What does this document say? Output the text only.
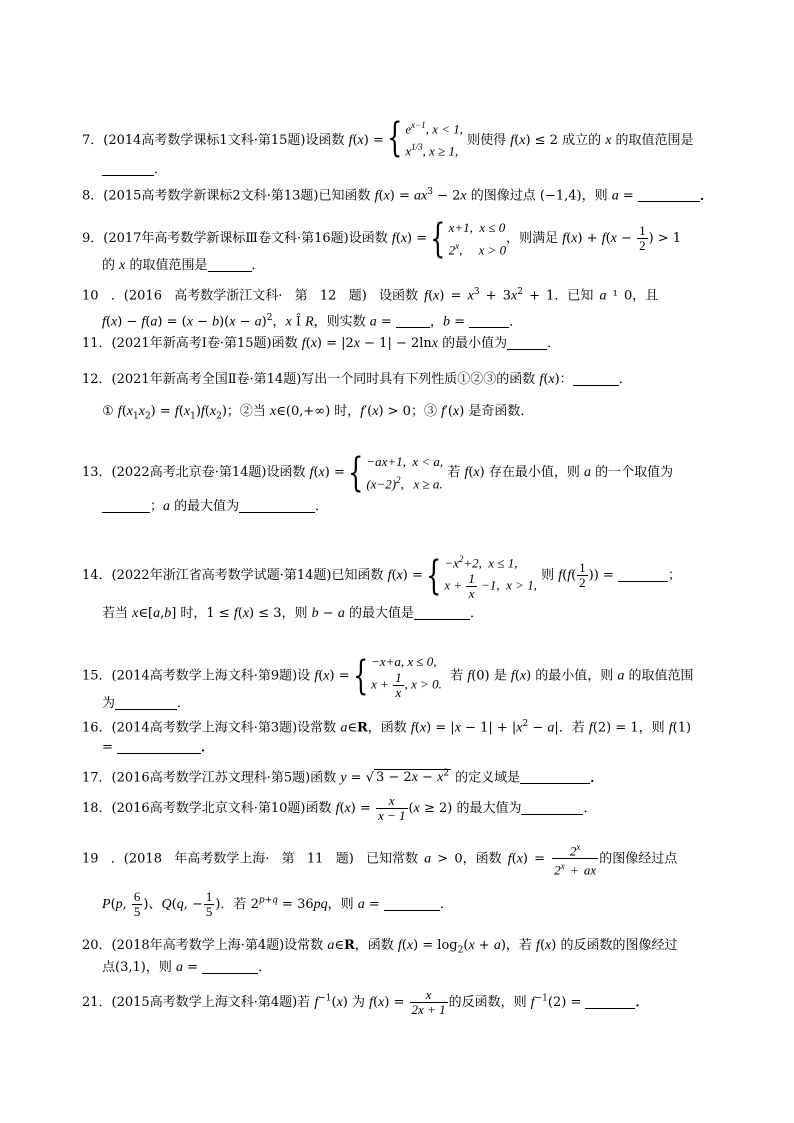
7．(2014高考数学课标1文科·第15题)设函数 f(x) ={ $e^{x-1}$, x < 1,
$x^{1/3}$, x ≥ 1,
则使得 f(x) ≤ 2 成立的 x 的取值范围是
．
8．(2015高考数学新课标2文科·第13题)已知函数 $f(x) = ax^3 - 2x$ 的图像过点 (−1,4)，则 a =	．
9．(2017年高考数学新课标Ⅲ卷文科·第16题)设函数 f(x) ={ x+1,  x ≤ 0
2$^x$,     x > 0
，则满足 $f(x) + f(x - \frac{1}{2}$ ) > 1
的 x 的取值范围是	．
10  ．(2016  高考数学浙江文科·  第  12  题)  设函数 $f(x) = x^3 + 3x^2 + 1$．已知 a ¹ 0，且
$f(x) - f(a) = (x - b)(x - a)^2$，x Î R，则实数 a =	，b =	．
11．(2021年新高考Ⅰ卷·第15题)函数 f(x) = |2x − 1| − 2lnx 的最小值为	．
12．(2021年新高考全国Ⅱ卷·第14题)写出一个同时具有下列性质①②③的函数 f(x)：	．
① $f(x_1x_2) = f(x_1)f(x_2)$；②当 x∈(0,+∞) 时，f′(x) > 0；③ f′(x) 是奇函数．
13．(2022高考北京卷·第14题)设函数 f(x) ={ −ax+1,  x < a,
$(x-2)^2$,   x ≥ a.
若 f(x) 存在最小值，则 a 的一个取值为
；a 的最大值为	．
14．(2022年浙江省高考数学试题·第14题)已知函数 f(x) ={ $-x^2+2$,  x ≤ 1,
$x + \frac{1}{x} -1$,  x > 1,
则 $f(f( \frac{1}{2}$ )) =	；
若当 x∈[a,b] 时，1 ≤ f(x) ≤ 3，则 b − a 的最大值是	．
15．(2014高考数学上海文科·第9题)设 f(x) ={ −x+a, x ≤ 0,
$x + \frac{1}{x}$ , x > 0.
若 f(0) 是 f(x) 的最小值，则 a 的取值范围
为	．
16．(2014高考数学上海文科·第3题)设常数 a∈R，函数 $f(x) = |x - 1| + |x^2 - a|$．若 f(2) = 1，则 f(1)
=	．
17．(2016高考数学江苏文理科·第5题)函数 y = √ $3 - 2x - x^2$ 的定义域是	．
18．(2016高考数学北京文科·第10题)函数 $f(x) = \frac{x}{x - 1} (x \ge 2)$ 的最大值为	．
19  ．(2018  年高考数学上海·  第  11  题)  已知常数 a > 0，函数 $f(x) = \frac{2^x}{2^x + ax}$ 的图像经过点
P(p, $\frac{6}{5}$ )、Q(q, − $\frac{1}{5}$ )．若 $2^{p+q} = 36pq$，则 a =	．
20．(2018年高考数学上海·第4题)设常数 a∈R，函数 $f(x) = \log_2(x + a)$，若 f(x) 的反函数的图像经过
点(3,1)，则 a =	．
21．(2015高考数学上海文科·第4题)若 $f^{-1}(x)$ 为 $f(x) = \frac{x}{2x + 1}$ 的反函数，则 $f^{-1}(2)$ =	．
